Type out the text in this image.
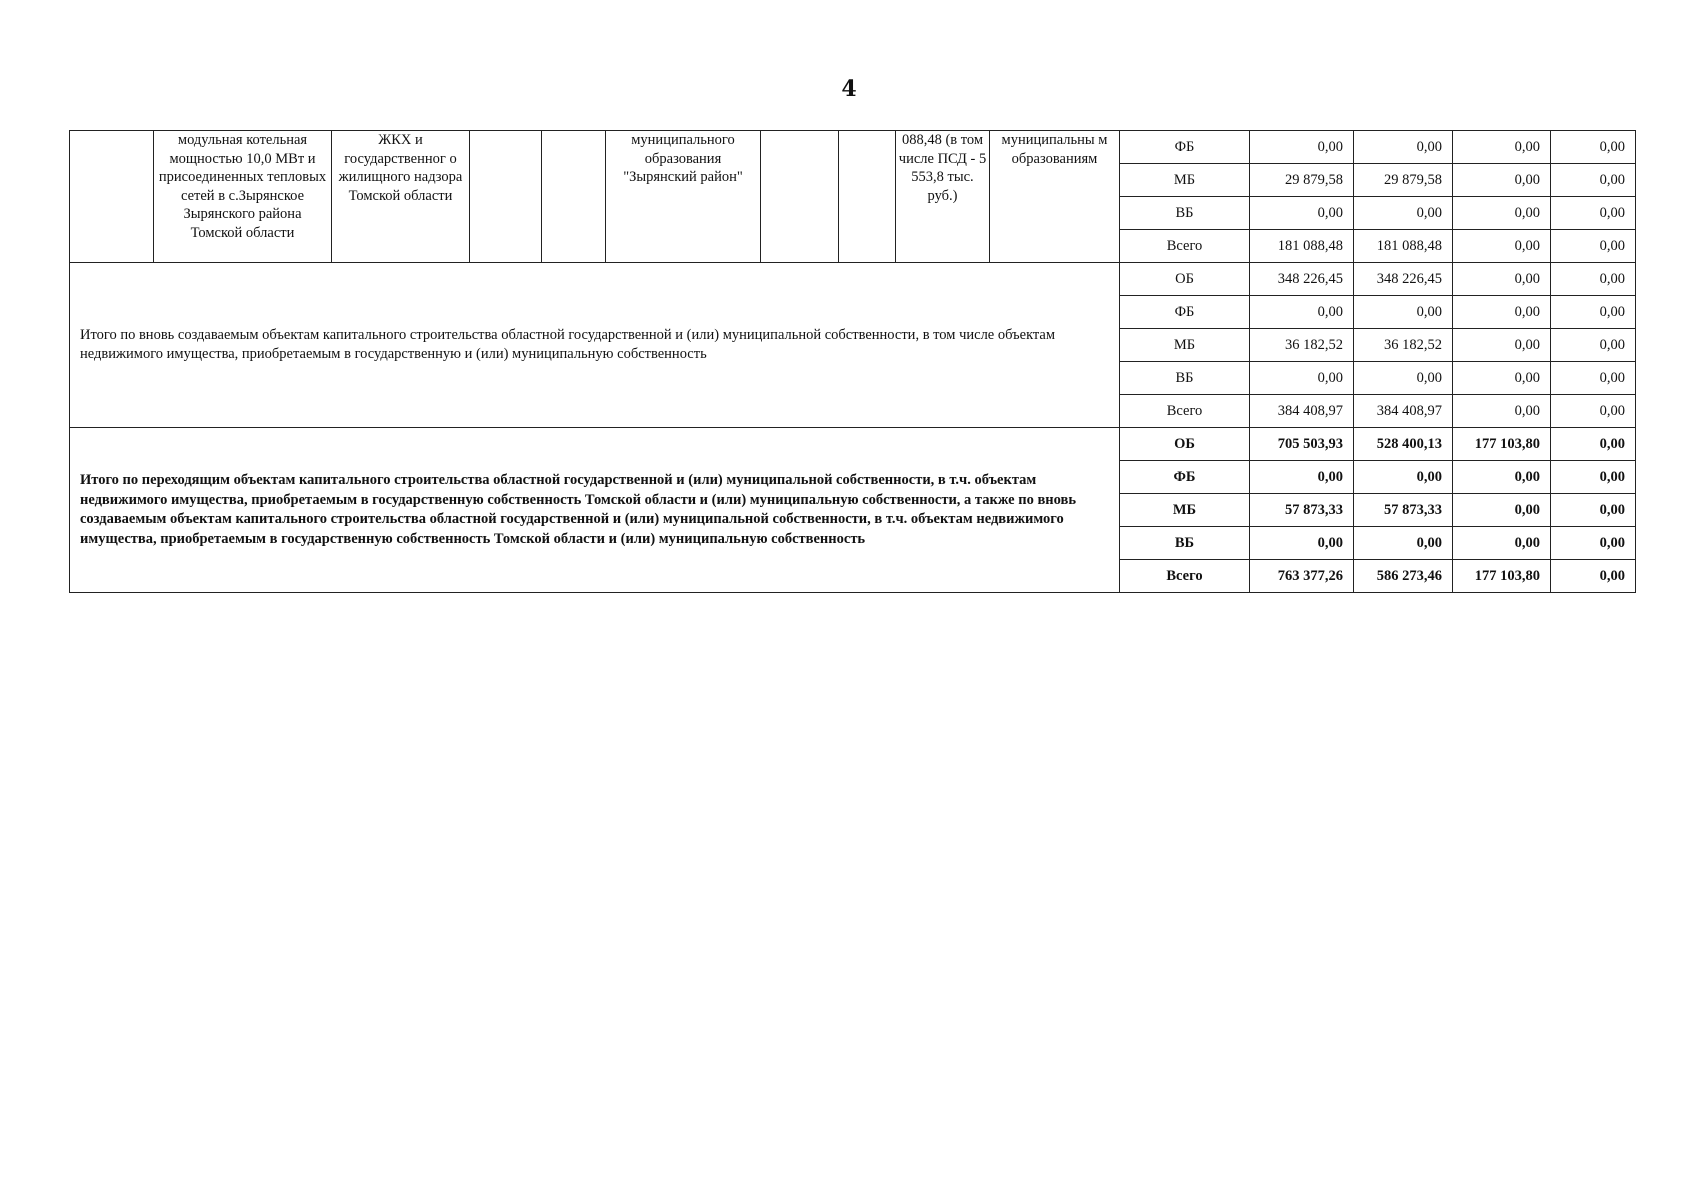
4
	модульная котельная мощностью 10,0 МВт и присоединенных тепловых сетей в с.Зырянское Зырянского района Томской области	ЖКХ и государственног о жилищного надзора Томской области			муниципального образования "Зырянский район"			088,48 (в том числе ПСД - 5 553,8 тыс. руб.)	муниципальны м образованиям	ФБ	0,00	0,00	0,00	0,00
										МБ	29 879,58	29 879,58	0,00	0,00
										ВБ	0,00	0,00	0,00	0,00
										Всего	181 088,48	181 088,48	0,00	0,00
Итого по вновь создаваемым объектам капитального строительства областной государственной и (или) муниципальной собственности, в том числе объектам недвижимого имущества, приобретаемым в государственную и (или) муниципальную собственность										ОБ	348 226,45	348 226,45	0,00	0,00
										ФБ	0,00	0,00	0,00	0,00
										МБ	36 182,52	36 182,52	0,00	0,00
										ВБ	0,00	0,00	0,00	0,00
										Всего	384 408,97	384 408,97	0,00	0,00
Итого по переходящим объектам капитального строительства областной государственной и (или) муниципальной собственности, в т.ч. объектам недвижимого имущества, приобретаемым в государственную собственность Томской области и (или) муниципальную собственности, а также по вновь создаваемым объектам капитального строительства областной государственной и (или) муниципальной собственности, в т.ч. объектам недвижимого имущества, приобретаемым в государственную собственность Томской области и (или) муниципальную собственность										ОБ	705 503,93	528 400,13	177 103,80	0,00
										ФБ	0,00	0,00	0,00	0,00
										МБ	57 873,33	57 873,33	0,00	0,00
										ВБ	0,00	0,00	0,00	0,00
										Всего	763 377,26	586 273,46	177 103,80	0,00
